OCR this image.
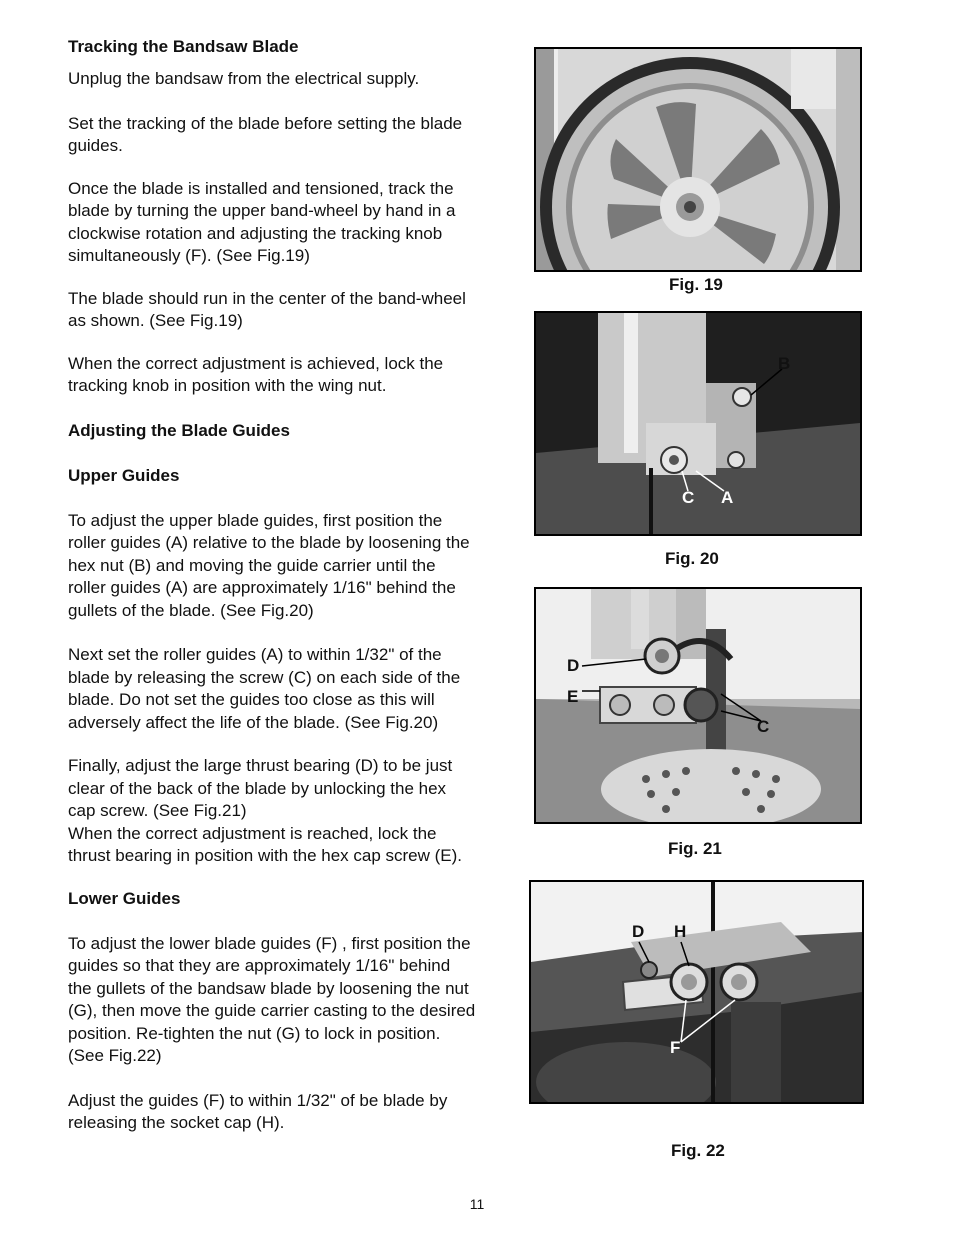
Tracking the Bandsaw Blade

Unplug the bandsaw from the electrical supply.

Set the tracking of the blade before setting the blade guides.

Once the blade is installed and tensioned, track the blade by turning the upper band-wheel by hand in a clockwise rotation and adjusting the tracking knob simultaneously (F). (See Fig.19)

The blade should run in the center of the band-wheel as shown. (See Fig.19)

When the correct adjustment is achieved, lock the tracking knob in position with the wing nut.

Adjusting the Blade Guides

Upper Guides

To adjust the upper blade guides, first position the roller guides (A) relative to the blade by loosening the hex nut (B) and moving the guide carrier until the roller guides (A) are approximately 1/16" behind the gullets of the blade. (See Fig.20)

Next set the roller guides (A) to within 1/32" of the blade by releasing the screw (C) on each side of the blade. Do not set the guides too close as this will adversely affect the life of the blade. (See Fig.20)

Finally, adjust the large thrust bearing (D) to be just clear of the back of the blade by unlocking the hex cap screw. (See Fig.21)

When the correct adjustment is reached, lock the thrust bearing in position with the hex cap screw (E).

Lower Guides

To adjust the lower blade guides (F) , first position the guides so that they are approximately 1/16" behind the gullets of the bandsaw blade by loosening the nut (G), then move the guide carrier casting to the desired position. Re-tighten the nut (G) to lock in position. (See Fig.22)

Adjust the guides (F) to within 1/32" of be blade by releasing the socket cap (H).

Fig. 19
B
C A
Fig. 20
D
E
C
Fig. 21
D H
F
Fig. 22
11
